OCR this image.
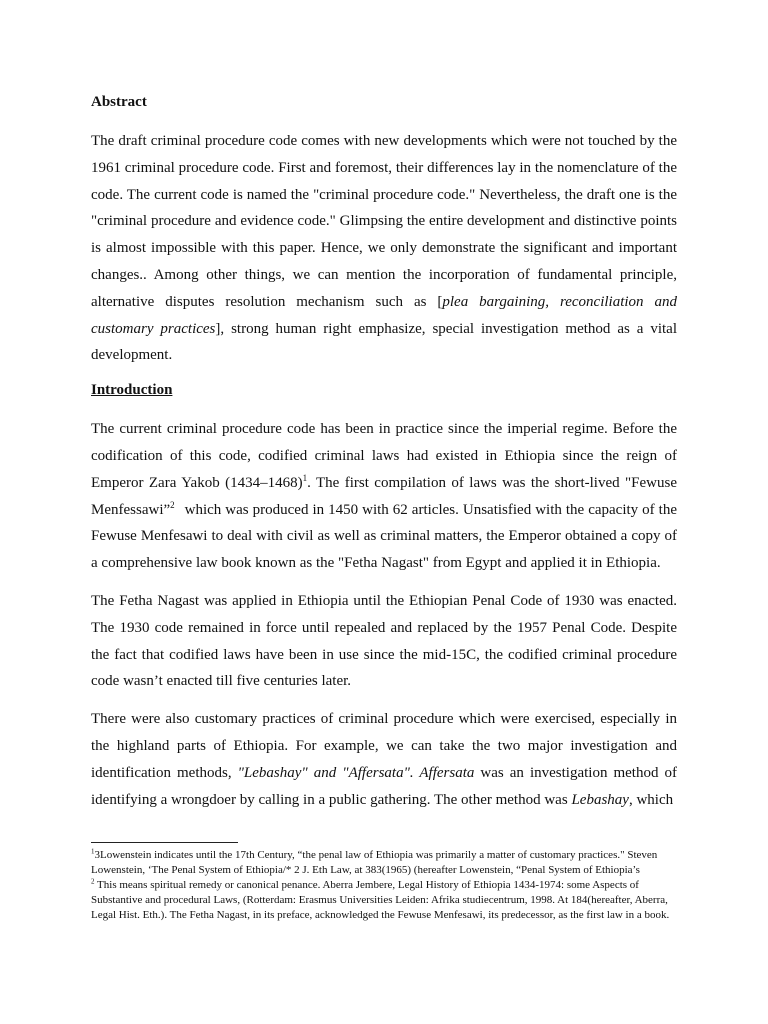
Abstract

The draft criminal procedure code comes with new developments which were not touched by the 1961 criminal procedure code. First and foremost, their differences lay in the nomenclature of the code. The current code is named the "criminal procedure code." Nevertheless, the draft one is the "criminal procedure and evidence code." Glimpsing the entire development and distinctive points is almost impossible with this paper. Hence, we only demonstrate the significant and important changes.. Among other things, we can mention the incorporation of fundamental principle, alternative disputes resolution mechanism such as [plea bargaining, reconciliation and customary practices], strong human right emphasize, special investigation method as a vital development.

Introduction

The current criminal procedure code has been in practice since the imperial regime. Before the codification of this code, codified criminal laws had existed in Ethiopia since the reign of Emperor Zara Yakob (1434–1468)$^1$. The first compilation of laws was the short-lived "Fewuse Menfessawi”$^2$ which was produced in 1450 with 62 articles. Unsatisfied with the capacity of the Fewuse Menfesawi to deal with civil as well as criminal matters, the Emperor obtained a copy of a comprehensive law book known as the "Fetha Nagast" from Egypt and applied it in Ethiopia.

The Fetha Nagast was applied in Ethiopia until the Ethiopian Penal Code of 1930 was enacted. The 1930 code remained in force until repealed and replaced by the 1957 Penal Code. Despite the fact that codified laws have been in use since the mid-15C, the codified criminal procedure code wasn’t enacted till five centuries later.

There were also customary practices of criminal procedure which were exercised, especially in the highland parts of Ethiopia. For example, we can take the two major investigation and identification methods, "Lebashay" and "Affersata". Affersata was an investigation method of identifying a wrongdoer by calling in a public gathering. The other method was Lebashay, which

$^1$3Lowenstein indicates until the 17th Century, “the penal law of Ethiopia was primarily a matter of customary practices." Steven Lowenstein, ‘The Penal System of Ethiopia/* 2 J. Eth Law, at 383(1965) (hereafter Lowenstein, “Penal System of Ethiopia’s

$^2$ This means spiritual remedy or canonical penance. Aberra Jembere, Legal History of Ethiopia 1434-1974: some Aspects of Substantive and procedural Laws, (Rotterdam: Erasmus Universities Leiden: Afrika studiecentrum, 1998. At 184(hereafter, Aberra, Legal Hist. Eth.). The Fetha Nagast, in its preface, acknowledged the Fewuse Menfesawi, its predecessor, as the first law in a book.
